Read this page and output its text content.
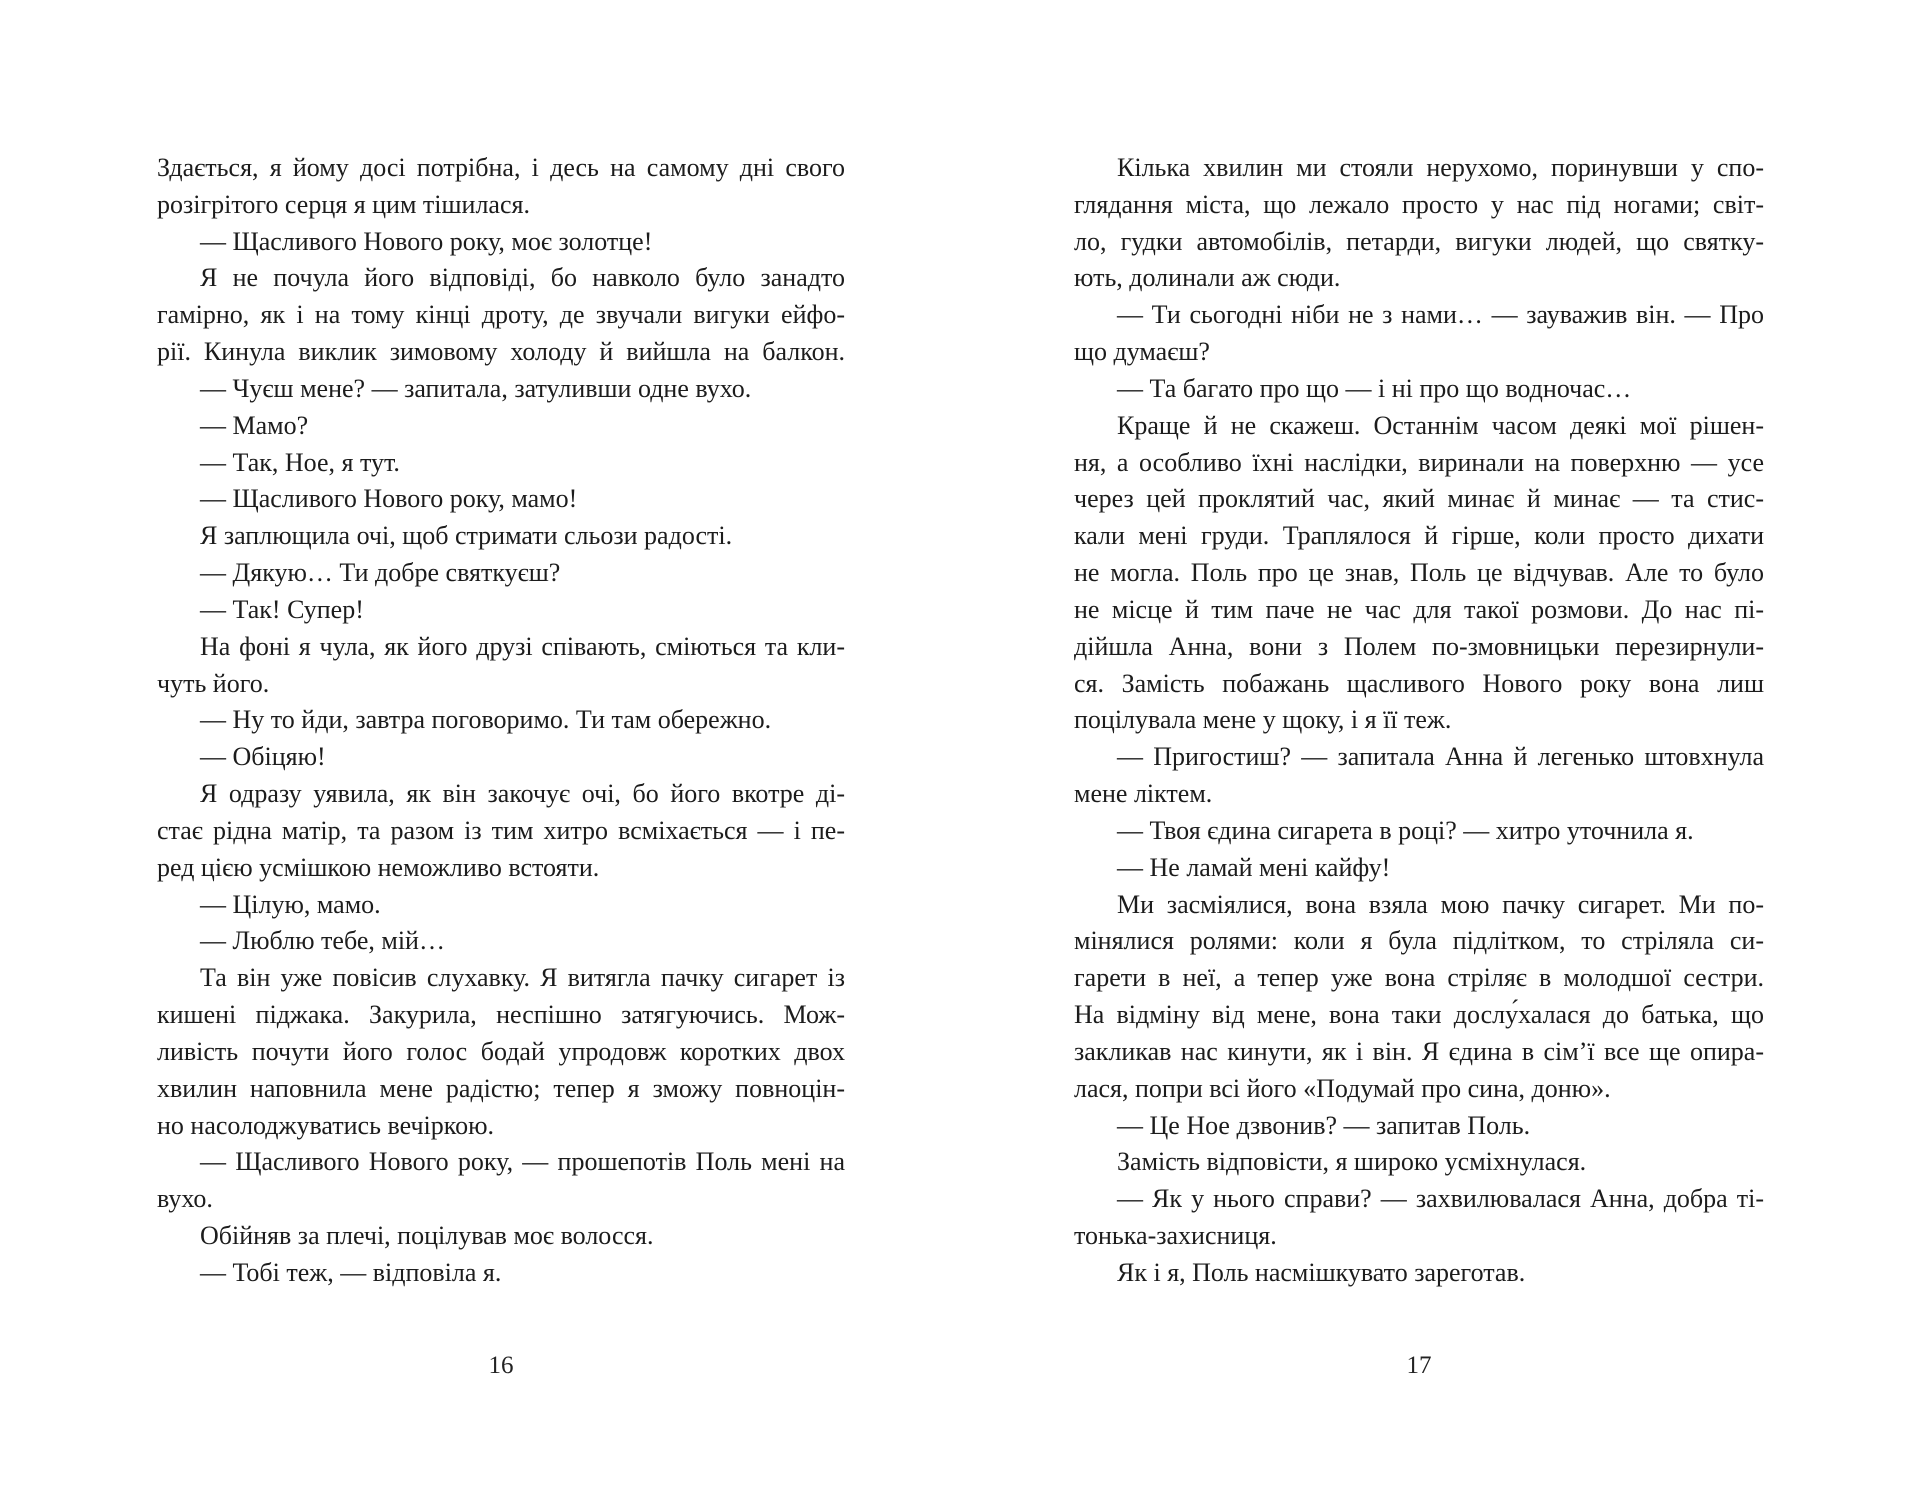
Здається, я йому досі потрібна, і десь на самому дні свого
розігрітого серця я цим тішилася.
— Щасливого Нового року, моє золотце!
Я не почула його відповіді, бо навколо було занадто
гамірно, як і на тому кінці дроту, де звучали вигуки ейфо-
рії. Кинула виклик зимовому холоду й вийшла на балкон.
— Чуєш мене? — запитала, затуливши одне вухо.
— Мамо?
— Так, Ное, я тут.
— Щасливого Нового року, мамо!
Я заплющила очі, щоб стримати сльози радості.
— Дякую… Ти добре святкуєш?
— Так! Супер!
На фоні я чула, як його друзі співають, сміються та кли-
чуть його.
— Ну то йди, завтра поговоримо. Ти там обережно.
— Обіцяю!
Я одразу уявила, як він закочує очі, бо його вкотре ді-
стає рідна матір, та разом із тим хитро всміхається — і пе-
ред цією усмішкою неможливо встояти.
— Цілую, мамо.
— Люблю тебе, мій…
Та він уже повісив слухавку. Я витягла пачку сигарет із
кишені піджака. Закурила, неспішно затягуючись. Мож-
ливість почути його голос бодай упродовж коротких двох
хвилин наповнила мене радістю; тепер я зможу повноцін-
но насолоджуватись вечіркою.
— Щасливого Нового року, — прошепотів Поль мені на
вухо.
Обійняв за плечі, поцілував моє волосся.
— Тобі теж, — відповіла я.
16
Кілька хвилин ми стояли нерухомо, поринувши у спо-
глядання міста, що лежало просто у нас під ногами; світ-
ло, гудки автомобілів, петарди, вигуки людей, що святку-
ють, долинали аж сюди.
— Ти сьогодні ніби не з нами… — зауважив він. — Про
що думаєш?
— Та багато про що — і ні про що водночас…
Краще й не скажеш. Останнім часом деякі мої рішен-
ня, а особливо їхні наслідки, виринали на поверхню — усе
через цей проклятий час, який минає й минає — та стис-
кали мені груди. Траплялося й гірше, коли просто дихати
не могла. Поль про це знав, Поль це відчував. Але то було
не місце й тим паче не час для такої розмови. До нас пі-
дійшла Анна, вони з Полем по-змовницьки перезирнули-
ся. Замість побажань щасливого Нового року вона лиш
поцілувала мене у щоку, і я її теж.
— Пригостиш? — запитала Анна й легенько штовхнула
мене ліктем.
— Твоя єдина сигарета в році? — хитро уточнила я.
— Не ламай мені кайфу!
Ми засміялися, вона взяла мою пачку сигарет. Ми по-
мінялися ролями: коли я була підлітком, то стріляла си-
гарети в неї, а тепер уже вона стріляє в молодшої сестри.
На відміну від мене, вона таки дослу́халася до батька, що
закликав нас кинути, як і він. Я єдина в сім’ї все ще опира-
лася, попри всі його «Подумай про сина, доню».
— Це Ное дзвонив? — запитав Поль.
Замість відповісти, я широко усміхнулася.
— Як у нього справи? — захвилювалася Анна, добра ті-
тонька-захисниця.
Як і я, Поль насмішкувато зареготав.
17
